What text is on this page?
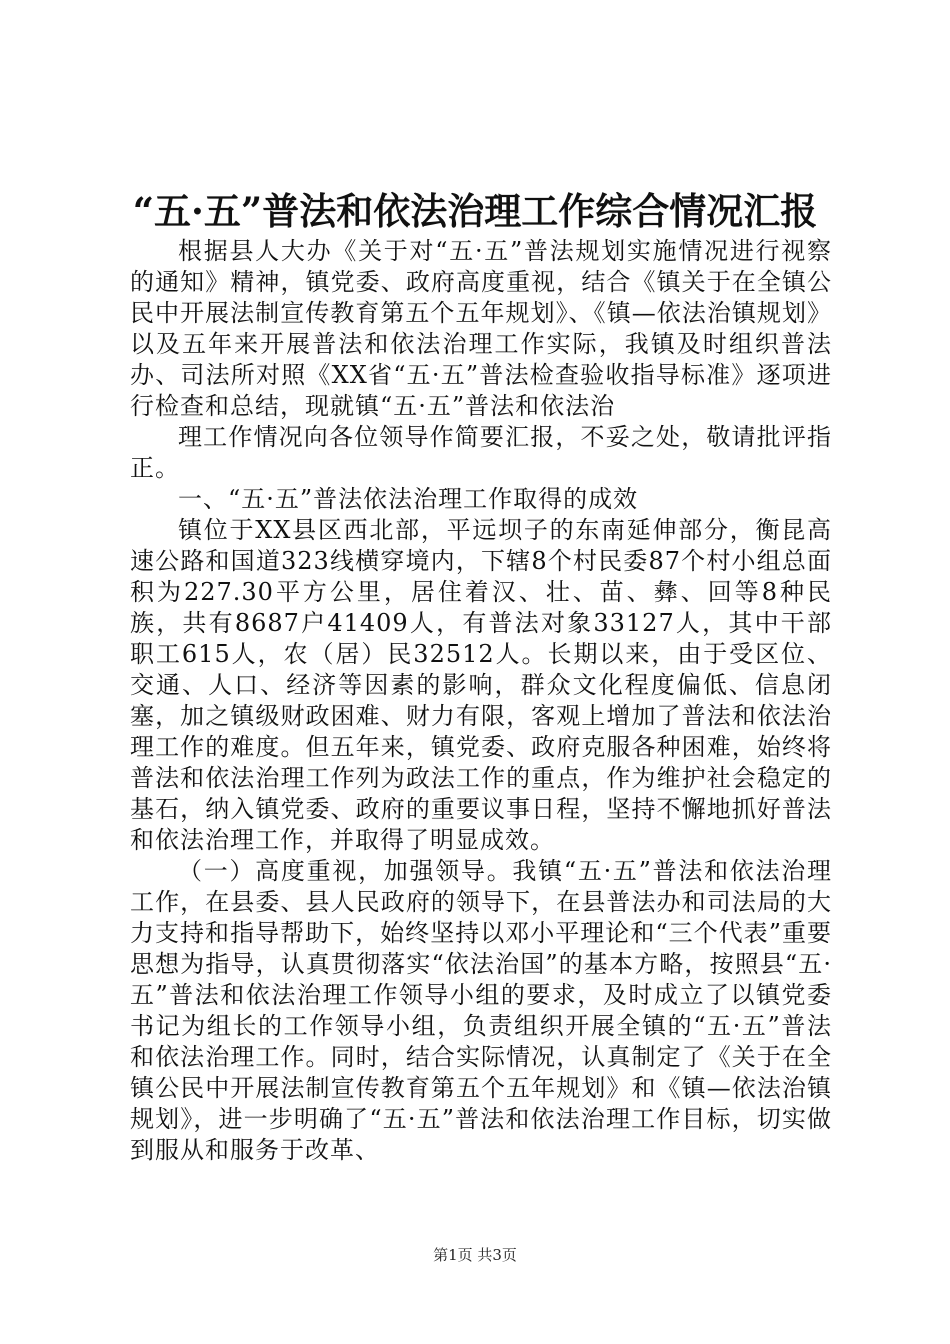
“五·五”普法和依法治理工作综合情况汇报

根据县人大办《关于对“五·五”普法规划实施情况进行视察的通知》精神，镇党委、政府高度重视，结合《镇关于在全镇公民中开展法制宣传教育第五个五年规划》、《镇—依法治镇规划》以及五年来开展普法和依法治理工作实际，我镇及时组织普法办、司法所对照《XX省“五·五”普法检查验收指导标准》逐项进行检查和总结，现就镇“五·五”普法和依法治

理工作情况向各位领导作简要汇报，不妥之处，敬请批评指正。

一、“五·五”普法依法治理工作取得的成效

镇位于XX县区西北部，平远坝子的东南延伸部分，衡昆高速公路和国道323线横穿境内，下辖8个村民委87个村小组总面积为227.30平方公里，居住着汉、壮、苗、彝、回等8种民族，共有8687户41409人，有普法对象33127人，其中干部职工615人，农（居）民32512人。长期以来，由于受区位、交通、人口、经济等因素的影响，群众文化程度偏低、信息闭塞，加之镇级财政困难、财力有限，客观上增加了普法和依法治理工作的难度。但五年来，镇党委、政府克服各种困难，始终将普法和依法治理工作列为政法工作的重点，作为维护社会稳定的基石，纳入镇党委、政府的重要议事日程，坚持不懈地抓好普法和依法治理工作，并取得了明显成效。

（一）高度重视，加强领导。我镇“五·五”普法和依法治理工作，在县委、县人民政府的领导下，在县普法办和司法局的大力支持和指导帮助下，始终坚持以邓小平理论和“三个代表”重要思想为指导，认真贯彻落实“依法治国”的基本方略，按照县“五·五”普法和依法治理工作领导小组的要求，及时成立了以镇党委书记为组长的工作领导小组，负责组织开展全镇的“五·五”普法和依法治理工作。同时，结合实际情况，认真制定了《关于在全镇公民中开展法制宣传教育第五个五年规划》和《镇—依法治镇规划》，进一步明确了“五·五”普法和依法治理工作目标，切实做到服从和服务于改革、

第1页 共3页
